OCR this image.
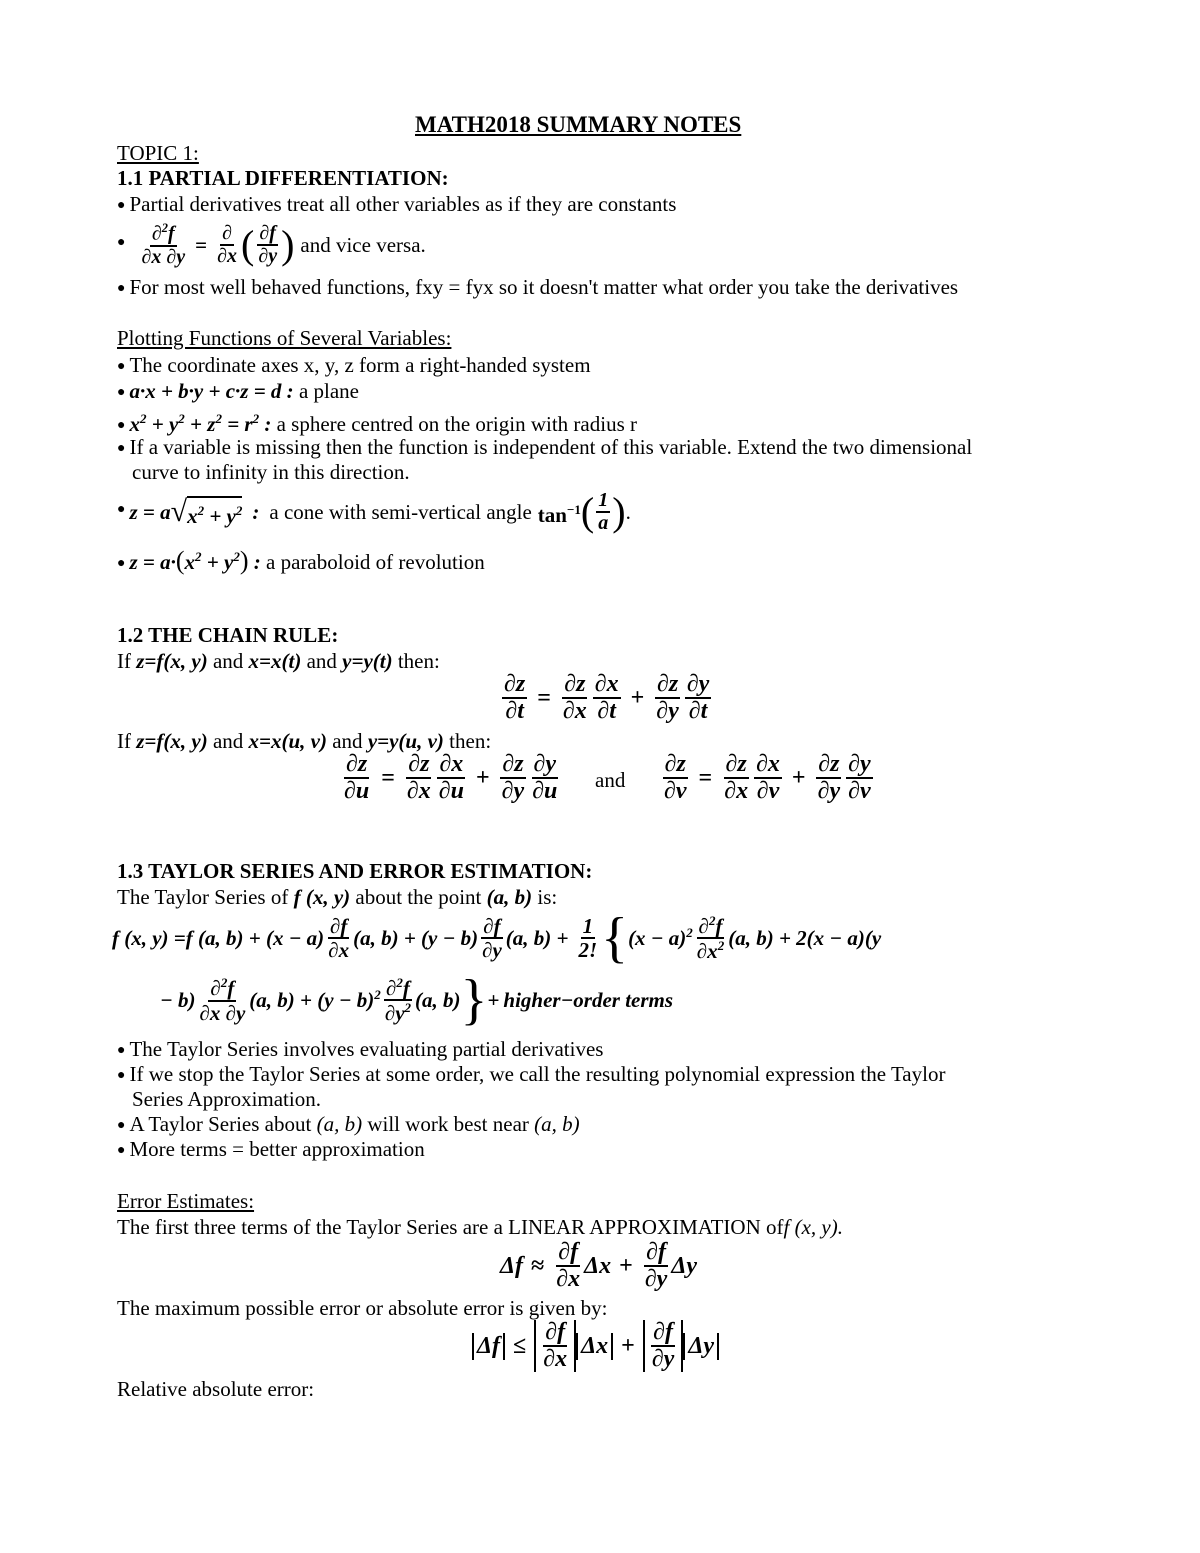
MATH2018 SUMMARY NOTES
TOPIC 1:
1.1 PARTIAL DIFFERENTIATION:
● Partial derivatives treat all other variables as if they are constants
● $\frac{\partial^2f}{\partial x \partial y} = \frac{\partial}{\partial x}$ ( $\frac{\partial f}{\partial y}$ ) and vice versa.
● For most well behaved functions, fxy = fyx so it doesn't matter what order you take the derivatives
Plotting Functions of Several Variables:
● The coordinate axes x, y, z form a right-handed system
● a·x + b·y + c·z = d : a plane
● $x^2 + y^2 + z^2 = r^2$ : a sphere centred on the origin with radius r
● If a variable is missing then the function is independent of this variable. Extend the two dimensional
curve to infinity in this direction.
● z = a √ $x^2 + y^2$ : a cone with semi-vertical angle $\tan^{-1}$ ( $\frac{1}{a}$ ) .
● $z = a\cdot(x^2 + y^2)$ : a paraboloid of revolution
1.2 THE CHAIN RULE:
If z=f(x, y) and x=x(t) and y=y(t) then:
$\frac{\partial z}{\partial t} = \frac{\partial z}{\partial x} \frac{\partial x}{\partial t} + \frac{\partial z}{\partial y} \frac{\partial y}{\partial t}$
If z=f(x, y) and x=x(u, v) and y=y(u, v) then:
$\frac{\partial z}{\partial u} = \frac{\partial z}{\partial x} \frac{\partial x}{\partial u} + \frac{\partial z}{\partial y} \frac{\partial y}{\partial u}$ and $\frac{\partial z}{\partial v} = \frac{\partial z}{\partial x} \frac{\partial x}{\partial v} + \frac{\partial z}{\partial y} \frac{\partial y}{\partial v}$
1.3 TAYLOR SERIES AND ERROR ESTIMATION:
The Taylor Series of f (x, y) about the point (a, b) is:
f (x, y) =f (a, $b) + (x - a) \frac{\partial f}{\partial x} (a$, $b) + (y - b) \frac{\partial f}{\partial y} (a$, $b) + \frac{1}{2!}$ { $(x - a)^2 \frac{\partial^2f}{\partial x^2} (a$, b) + 2(x − a)(y
− $b) \frac{\partial^2f}{\partial x \partial y} (a$, $b) + (y - b)^2 \frac{\partial^2f}{\partial y^2} (a$, b) } + higher−order terms
● The Taylor Series involves evaluating partial derivatives
● If we stop the Taylor Series at some order, we call the resulting polynomial expression the Taylor
Series Approximation.
● A Taylor Series about (a, b) will work best near (a, b)
● More terms = better approximation
Error Estimates:
The first three terms of the Taylor Series are a LINEAR APPROXIMATION off (x, y).
$\Delta f \approx \frac{\partial f}{\partial x}$ $\Delta x + \frac{\partial f}{\partial y}$ Δy
The maximum possible error or absolute error is given by:
$\Delta f \le \frac{\partial f}{\partial x}$ $\Delta x + \frac{\partial f}{\partial y}$ Δy
Relative absolute error:
